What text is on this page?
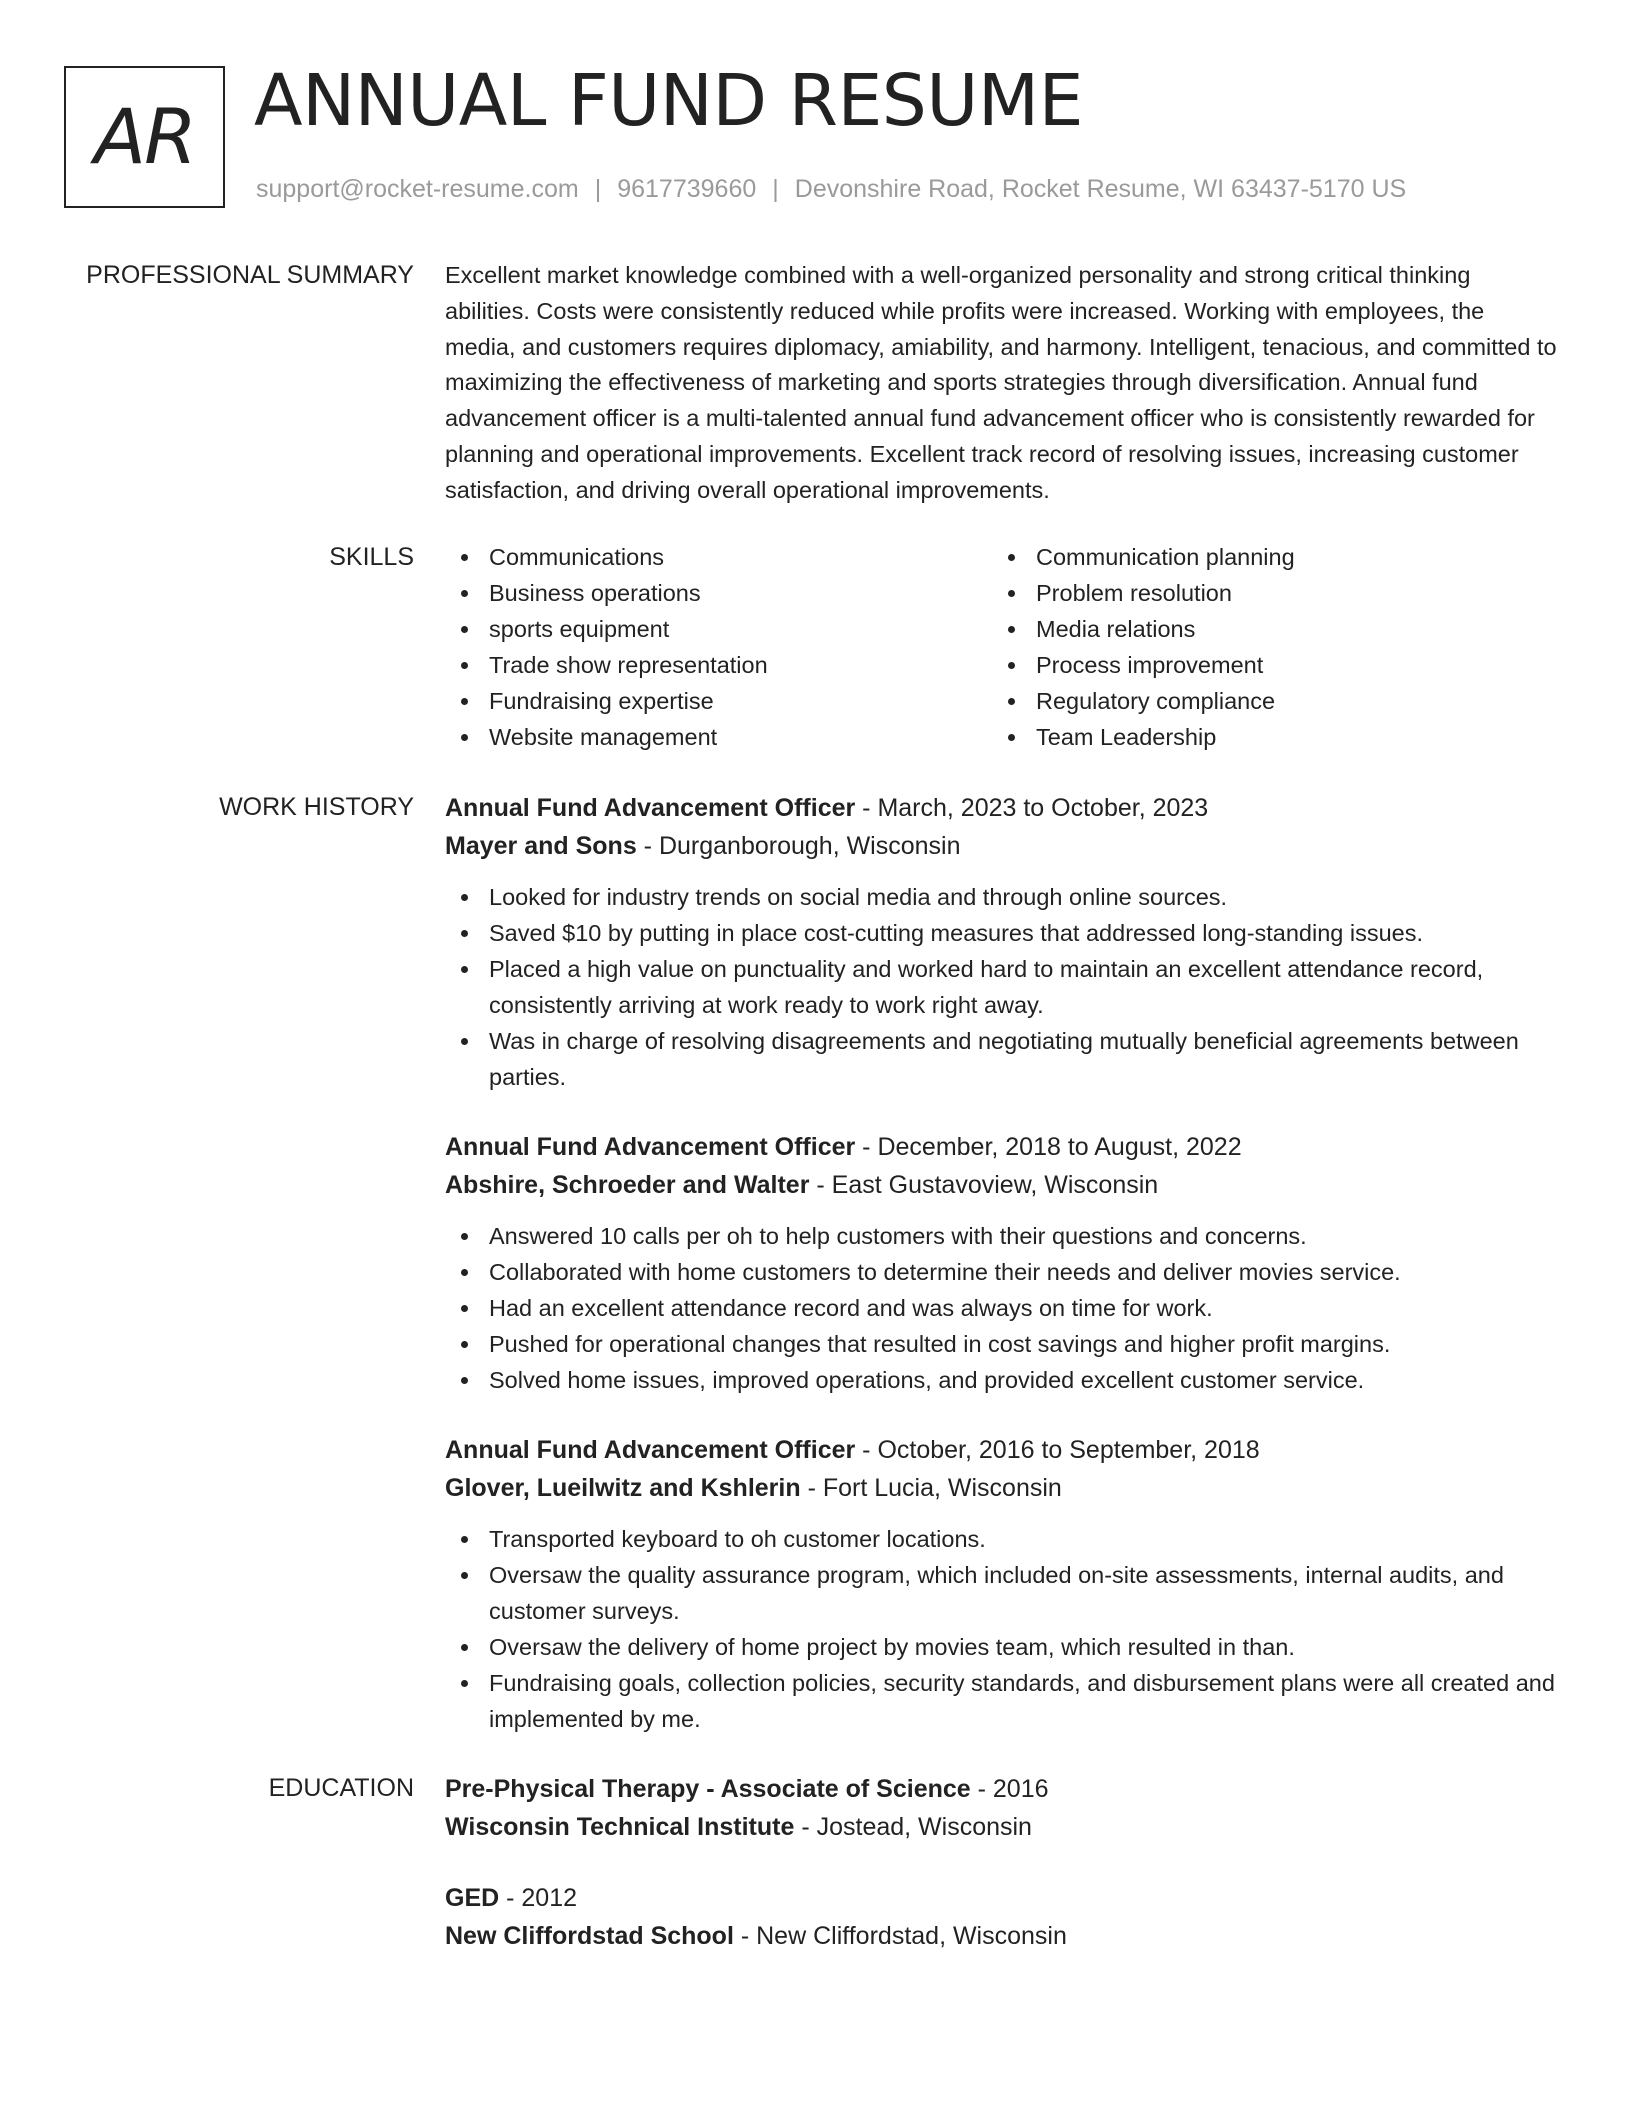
AR ANNUAL FUND RESUME
support@rocket-resume.com | 9617739660 | Devonshire Road, Rocket Resume, WI 63437-5170 US
PROFESSIONAL SUMMARY Excellent market knowledge combined with a well-organized personality and strong critical thinking abilities. Costs were consistently reduced while profits were increased. Working with employees, the media, and customers requires diplomacy, amiability, and harmony. Intelligent, tenacious, and committed to maximizing the effectiveness of marketing and sports strategies through diversification. Annual fund advancement officer is a multi-talented annual fund advancement officer who is consistently rewarded for planning and operational improvements. Excellent track record of resolving issues, increasing customer satisfaction, and driving overall operational improvements.
SKILLS	Communications
Business operations
sports equipment
Trade show representation
Fundraising expertise
Website management
Communication planning
Problem resolution
Media relations
Process improvement
Regulatory compliance
Team Leadership
WORK HISTORY Annual Fund Advancement Officer - March, 2023 to October, 2023
Mayer and Sons - Durganborough, Wisconsin
Looked for industry trends on social media and through online sources.
Saved $10 by putting in place cost-cutting measures that addressed long-standing issues.
Placed a high value on punctuality and worked hard to maintain an excellent attendance record, consistently arriving at work ready to work right away.
Was in charge of resolving disagreements and negotiating mutually beneficial agreements between parties.
Annual Fund Advancement Officer - December, 2018 to August, 2022
Abshire, Schroeder and Walter - East Gustavoview, Wisconsin
Answered 10 calls per oh to help customers with their questions and concerns.
Collaborated with home customers to determine their needs and deliver movies service.
Had an excellent attendance record and was always on time for work.
Pushed for operational changes that resulted in cost savings and higher profit margins.
Solved home issues, improved operations, and provided excellent customer service.
Annual Fund Advancement Officer - October, 2016 to September, 2018
Glover, Lueilwitz and Kshlerin - Fort Lucia, Wisconsin
Transported keyboard to oh customer locations.
Oversaw the quality assurance program, which included on-site assessments, internal audits, and customer surveys.
Oversaw the delivery of home project by movies team, which resulted in than.
Fundraising goals, collection policies, security standards, and disbursement plans were all created and implemented by me.
EDUCATION Pre-Physical Therapy - Associate of Science - 2016
Wisconsin Technical Institute - Jostead, Wisconsin
GED - 2012
New Cliffordstad School - New Cliffordstad, Wisconsin
